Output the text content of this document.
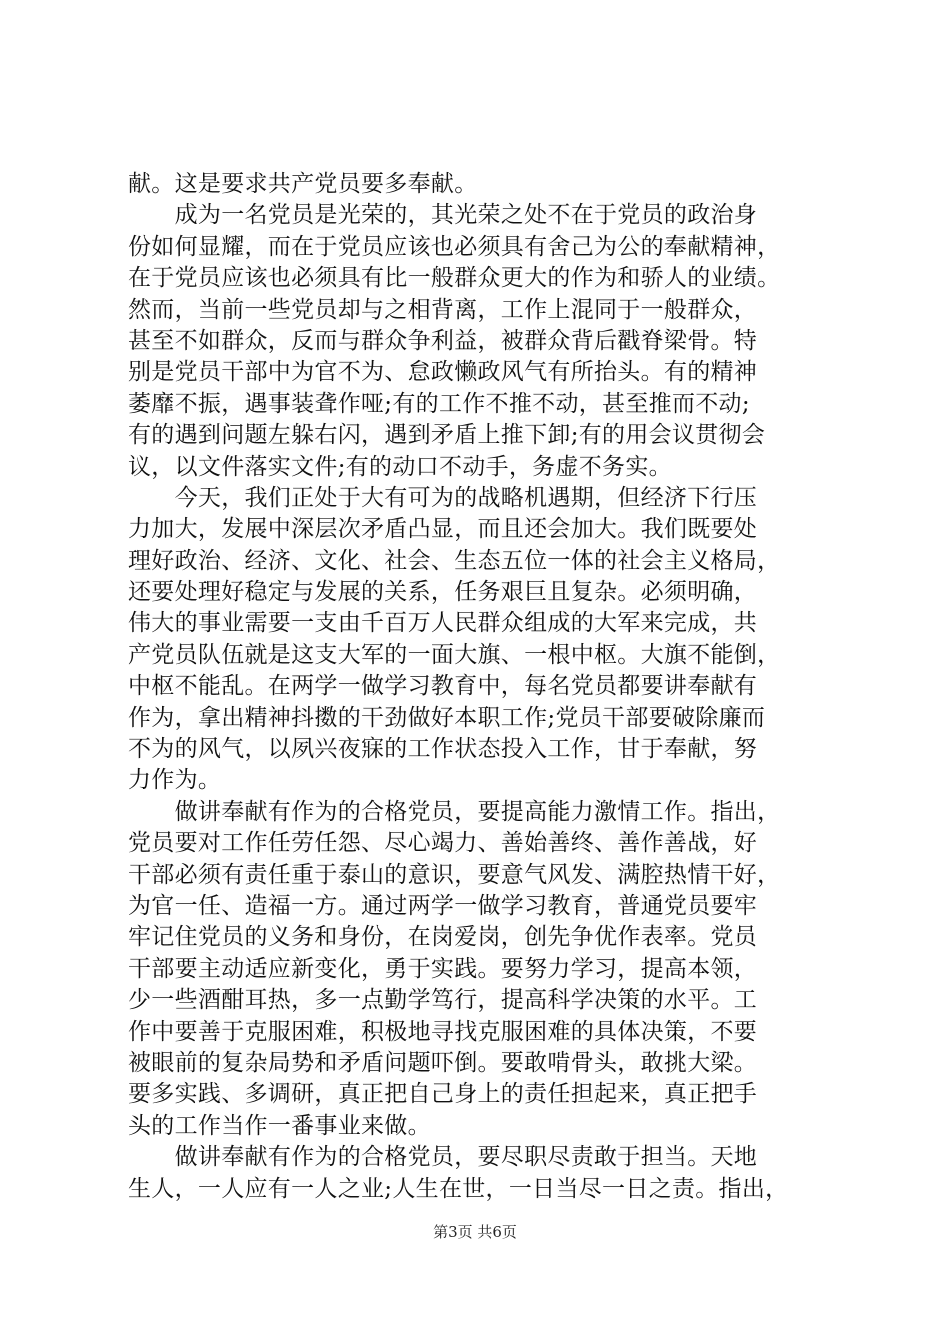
献。这是要求共产党员要多奉献。
　　成为一名党员是光荣的，其光荣之处不在于党员的政治身
份如何显耀，而在于党员应该也必须具有舍己为公的奉献精神，
在于党员应该也必须具有比一般群众更大的作为和骄人的业绩。
然而，当前一些党员却与之相背离，工作上混同于一般群众，
甚至不如群众，反而与群众争利益，被群众背后戳脊梁骨。特
别是党员干部中为官不为、怠政懒政风气有所抬头。有的精神
萎靡不振，遇事装聋作哑;有的工作不推不动，甚至推而不动;
有的遇到问题左躲右闪，遇到矛盾上推下卸;有的用会议贯彻会
议，以文件落实文件;有的动口不动手，务虚不务实。
　　今天，我们正处于大有可为的战略机遇期，但经济下行压
力加大，发展中深层次矛盾凸显，而且还会加大。我们既要处
理好政治、经济、文化、社会、生态五位一体的社会主义格局，
还要处理好稳定与发展的关系，任务艰巨且复杂。必须明确，
伟大的事业需要一支由千百万人民群众组成的大军来完成，共
产党员队伍就是这支大军的一面大旗、一根中枢。大旗不能倒，
中枢不能乱。在两学一做学习教育中，每名党员都要讲奉献有
作为，拿出精神抖擞的干劲做好本职工作;党员干部要破除廉而
不为的风气，以夙兴夜寐的工作状态投入工作，甘于奉献，努
力作为。
　　做讲奉献有作为的合格党员，要提高能力激情工作。指出，
党员要对工作任劳任怨、尽心竭力、善始善终、善作善战，好
干部必须有责任重于泰山的意识，要意气风发、满腔热情干好，
为官一任、造福一方。通过两学一做学习教育，普通党员要牢
牢记住党员的义务和身份，在岗爱岗，创先争优作表率。党员
干部要主动适应新变化，勇于实践。要努力学习，提高本领，
少一些酒酣耳热，多一点勤学笃行，提高科学决策的水平。工
作中要善于克服困难，积极地寻找克服困难的具体决策，不要
被眼前的复杂局势和矛盾问题吓倒。要敢啃骨头，敢挑大梁。
要多实践、多调研，真正把自己身上的责任担起来，真正把手
头的工作当作一番事业来做。
　　做讲奉献有作为的合格党员，要尽职尽责敢于担当。天地
生人，一人应有一人之业;人生在世，一日当尽一日之责。指出，
第3页 共6页
